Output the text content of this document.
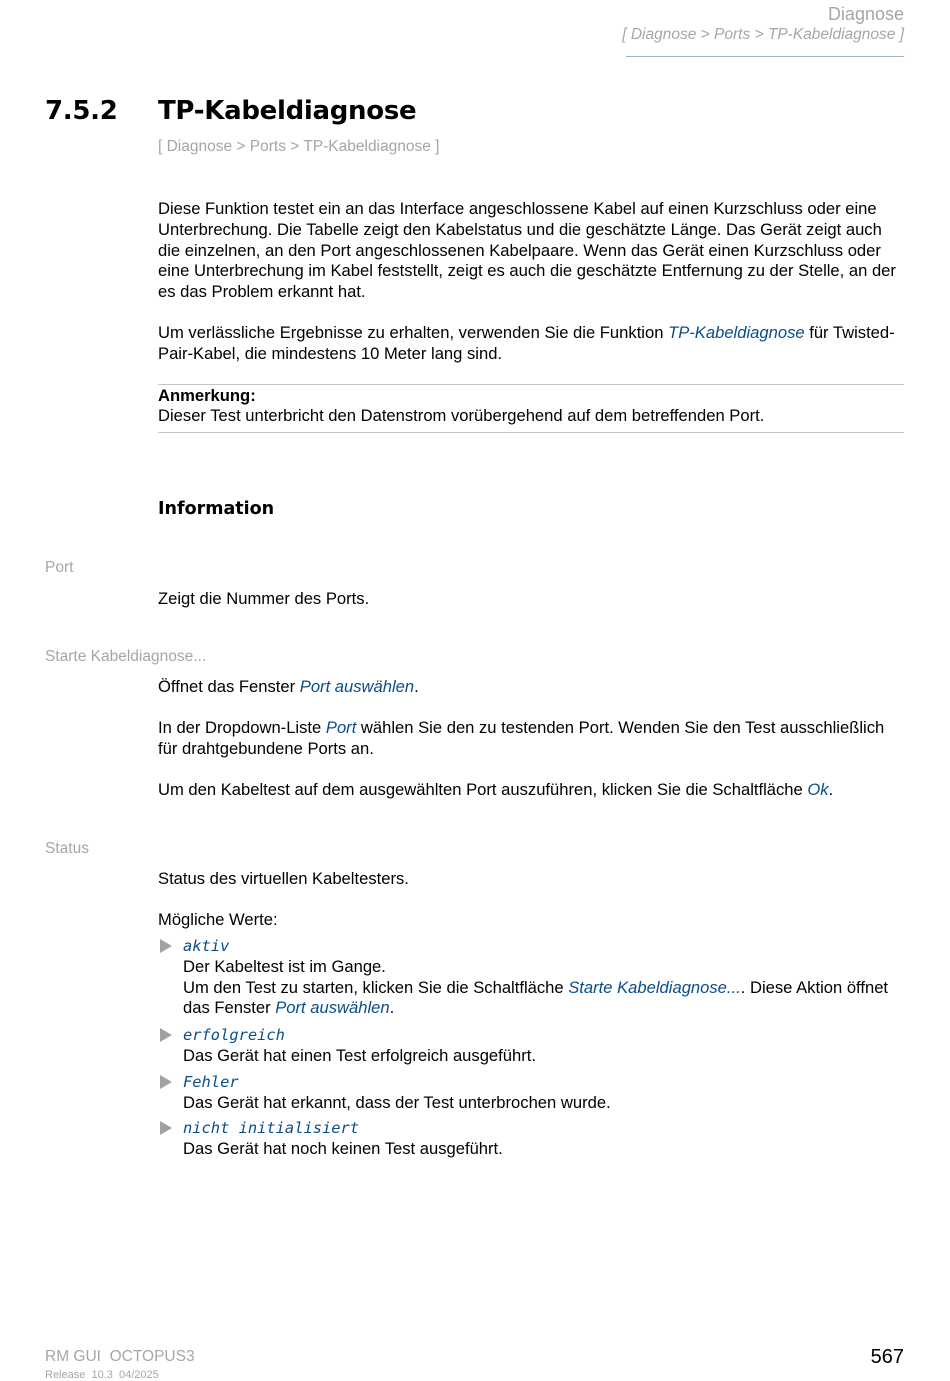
Diagnose
[ Diagnose > Ports > TP-Kabeldiagnose ]
7.5.2 TP-Kabeldiagnose
[ Diagnose > Ports > TP-Kabeldiagnose ]
Diese Funktion testet ein an das Interface angeschlossene Kabel auf einen Kurzschluss oder eine Unterbrechung. Die Tabelle zeigt den Kabelstatus und die geschätzte Länge. Das Gerät zeigt auch die einzelnen, an den Port angeschlossenen Kabelpaare. Wenn das Gerät einen Kurzschluss oder eine Unterbrechung im Kabel feststellt, zeigt es auch die geschätzte Entfernung zu der Stelle, an der es das Problem erkannt hat.
Um verlässliche Ergebnisse zu erhalten, verwenden Sie die Funktion TP-Kabeldiagnose für Twisted-Pair-Kabel, die mindestens 10 Meter lang sind.
Anmerkung:
Dieser Test unterbricht den Datenstrom vorübergehend auf dem betreffenden Port.
Information
Port
Zeigt die Nummer des Ports.
Starte Kabeldiagnose...
Öffnet das Fenster Port auswählen.
In der Dropdown-Liste Port wählen Sie den zu testenden Port. Wenden Sie den Test ausschließlich für drahtgebundene Ports an.
Um den Kabeltest auf dem ausgewählten Port auszuführen, klicken Sie die Schaltfläche Ok.
Status
Status des virtuellen Kabeltesters.
Mögliche Werte:
aktiv
Der Kabeltest ist im Gange.
Um den Test zu starten, klicken Sie die Schaltfläche Starte Kabeldiagnose.... Diese Aktion öffnet das Fenster Port auswählen.
erfolgreich
Das Gerät hat einen Test erfolgreich ausgeführt.
Fehler
Das Gerät hat erkannt, dass der Test unterbrochen wurde.
nicht initialisiert
Das Gerät hat noch keinen Test ausgeführt.
RM GUI  OCTOPUS3
Release  10.3  04/2025
567
